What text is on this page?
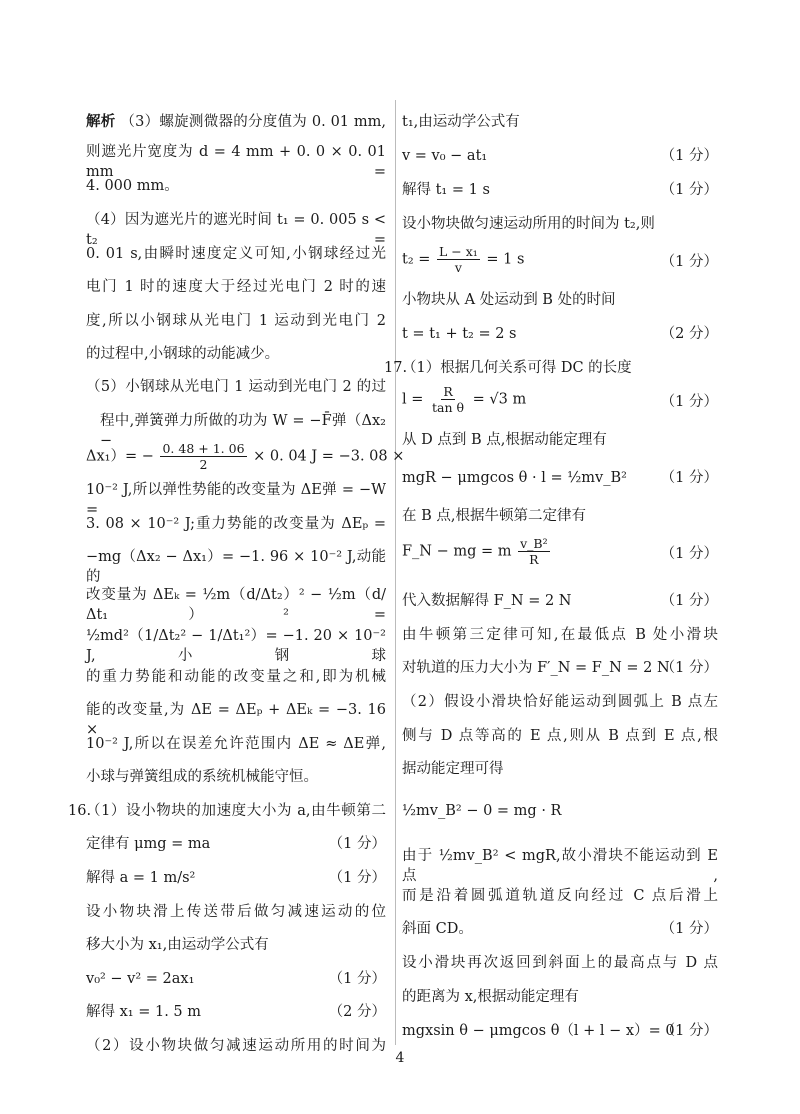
解析 （3）螺旋测微器的分度值为 0. 01 mm,
则遮光片宽度为 d = 4 mm + 0. 0 × 0. 01 mm =
4. 000 mm。
（4）因为遮光片的遮光时间 t₁ = 0. 005 s < t₂ =
0. 01 s,由瞬时速度定义可知,小钢球经过光
电门 1 时的速度大于经过光电门 2 时的速
度,所以小钢球从光电门 1 运动到光电门 2
的过程中,小钢球的动能减少。
（5）小钢球从光电门 1 运动到光电门 2 的过
程中,弹簧弹力所做的功为 W = −F̄弹（Δx₂ −
$\Delta x_1)= - \frac{0. 48 + 1. 06}{2} \times 0$. 04 J = −3. 08 ×
10⁻² J,所以弹性势能的改变量为 ΔE弹 = −W =
3. 08 × 10⁻² J;重力势能的改变量为 ΔEₚ =
−mg（Δx₂ − Δx₁）= −1. 96 × 10⁻² J,动能的
改变量为 ΔEₖ = ½m（d/Δt₂）² − ½m（d/Δt₁）² =
½md²（1/Δt₂² − 1/Δt₁²）= −1. 20 × 10⁻² J,小钢球
的重力势能和动能的改变量之和,即为机械
能的改变量,为 ΔE = ΔEₚ + ΔEₖ = −3. 16 ×
10⁻² J,所以在误差允许范围内 ΔE ≈ ΔE弹,
小球与弹簧组成的系统机械能守恒。
16.
（1）设小物块的加速度大小为 a,由牛顿第二
定律有 μmg = ma	（1 分）
解得 a = 1 m/s²	（1 分）
设小物块滑上传送带后做匀减速运动的位
移大小为 x₁,由运动学公式有
v₀² − v² = 2ax₁	（1 分）
解得 x₁ = 1. 5 m	（2 分）
（2）设小物块做匀减速运动所用的时间为
t₁,由运动学公式有
v = v₀ − at₁	（1 分）
解得 t₁ = 1 s	（1 分）
设小物块做匀速运动所用的时间为 t₂,则
$t_2 = \frac{\text{L − x₁}}{v} = 1$ s	（1 分）
小物块从 A 处运动到 B 处的时间
t = t₁ + t₂ = 2 s	（2 分）
17.
（1）根据几何关系可得 DC 的长度
$l = \frac{R}{\text{tan θ}} = √3$ m	（1 分）
从 D 点到 B 点,根据动能定理有
mgR − μmgcos θ · l = ½mv_B² （1 分）
在 B 点,根据牛顿第二定律有
F_N − mg = m $\frac{\text{v\_B²}}{R}$	（1 分）
代入数据解得 F_N = 2 N	（1 分）
由牛顿第三定律可知,在最低点 B 处小滑块
对轨道的压力大小为 F′_N = F_N = 2 N
（1 分）
（2）假设小滑块恰好能运动到圆弧上 B 点左
侧与 D 点等高的 E 点,则从 B 点到 E 点,根
据动能定理可得
½mv_B² − 0 = mg · R
由于 ½mv_B² < mgR,故小滑块不能运动到 E 点,
而是沿着圆弧道轨道反向经过 C 点后滑上
斜面 CD。	（1 分）
设小滑块再次返回到斜面上的最高点与 D 点
的距离为 x,根据动能定理有
mgxsin θ − μmgcos θ（l + l − x）= 0
（1 分）
4
